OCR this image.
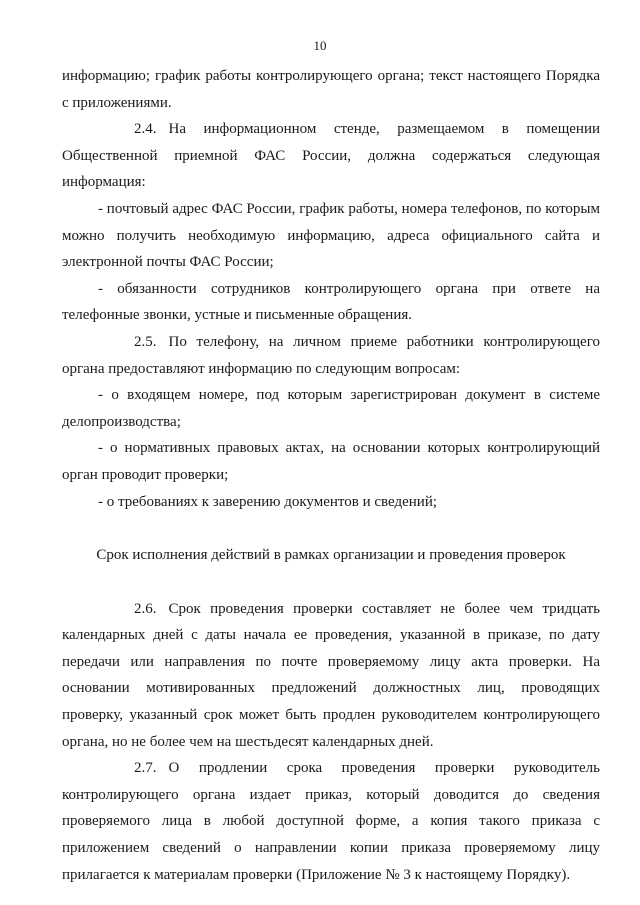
10

информацию; график работы контролирующего органа; текст настоящего Порядка с приложениями.

2.4. На информационном стенде, размещаемом в помещении Общественной приемной ФАС России, должна содержаться следующая информация:

- почтовый адрес ФАС России, график работы, номера телефонов, по которым можно получить необходимую информацию, адреса официального сайта и электронной почты ФАС России;

- обязанности сотрудников контролирующего органа при ответе на телефонные звонки, устные и письменные обращения.

2.5. По телефону, на личном приеме работники контролирующего органа предоставляют информацию по следующим вопросам:

- о входящем номере, под которым зарегистрирован документ в системе делопроизводства;

- о нормативных правовых актах, на основании которых контролирующий орган проводит проверки;

- о требованиях к заверению документов и сведений;

Срок исполнения действий в рамках организации и проведения проверок

2.6. Срок проведения проверки составляет не более чем тридцать календарных дней с даты начала ее проведения, указанной в приказе, по дату передачи или направления по почте проверяемому лицу акта проверки. На основании мотивированных предложений должностных лиц, проводящих проверку, указанный срок может быть продлен руководителем контролирующего органа, но не более чем на шестьдесят календарных дней.

2.7. О продлении срока проведения проверки руководитель контролирующего органа издает приказ, который доводится до сведения проверяемого лица в любой доступной форме, а копия такого приказа с приложением сведений о направлении копии приказа проверяемому лицу прилагается к материалам проверки (Приложение № 3 к настоящему Порядку).
